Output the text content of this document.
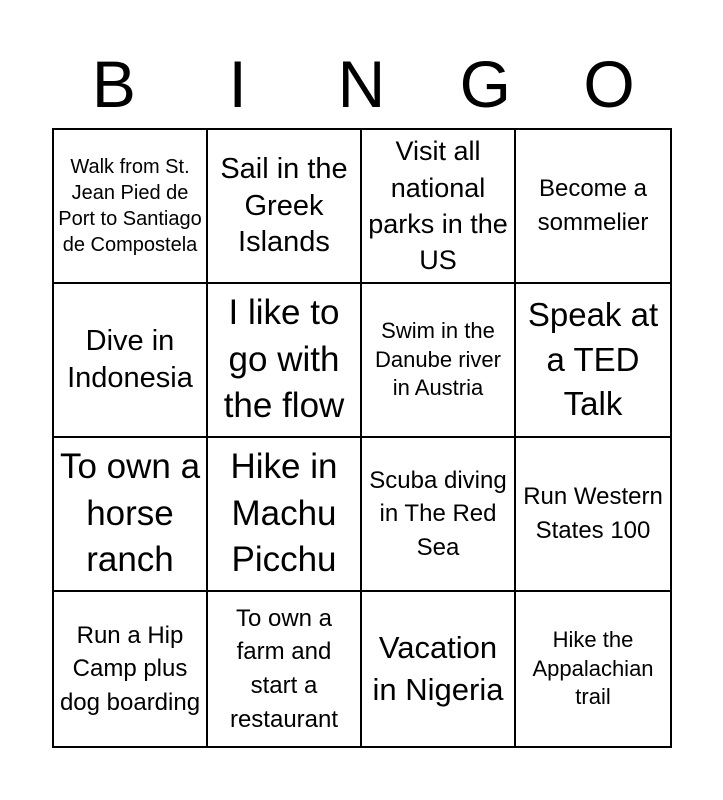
B	I	N	G	O
Walk from St. Jean Pied de Port to Santiago de Compostela
Sail in the Greek Islands
Visit all national parks in the US
Become a sommelier
Dive in Indonesia
I like to go with the flow
Swim in the Danube river in Austria
Speak at a TED Talk
To own a horse ranch
Hike in Machu Picchu
Scuba diving in The Red Sea
Run Western States 100
Run a Hip Camp plus dog boarding
To own a farm and start a restaurant
Vacation in Nigeria
Hike the Appalachian trail
